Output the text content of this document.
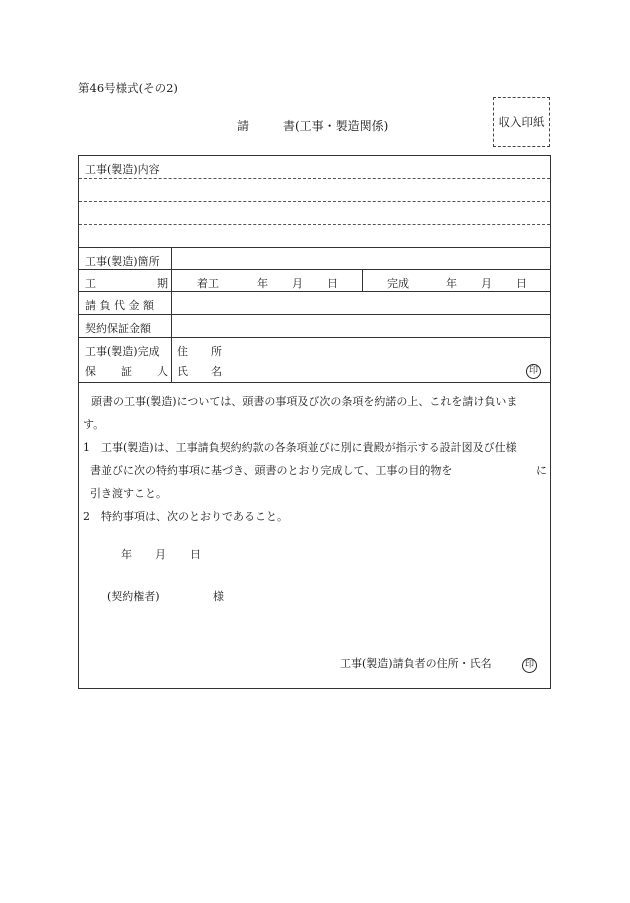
第46号様式(その2)
請	書(工事・製造関係)	収入印紙
工事(製造)内容
工事(製造)箇所
工	期	着工	年 月 日	完成	年 月 日
請 負 代 金 額
契約保証金額
工事(製造)完成
保 証 人
住 所
氏 名	印
頭書の工事(製造)については、頭書の事項及び次の条項を約諾の上、これを請け負いま
す。
1　工事(製造)は、工事請負契約約款の各条項並びに別に貴殿が指示する設計図及び仕様
書並びに次の特約事項に基づき、頭書のとおり完成して、工事の目的物を	に
引き渡すこと。
2　特約事項は、次のとおりであること。
年 月 日
(契約権者)	様
工事(製造)請負者の住所・氏名	印
